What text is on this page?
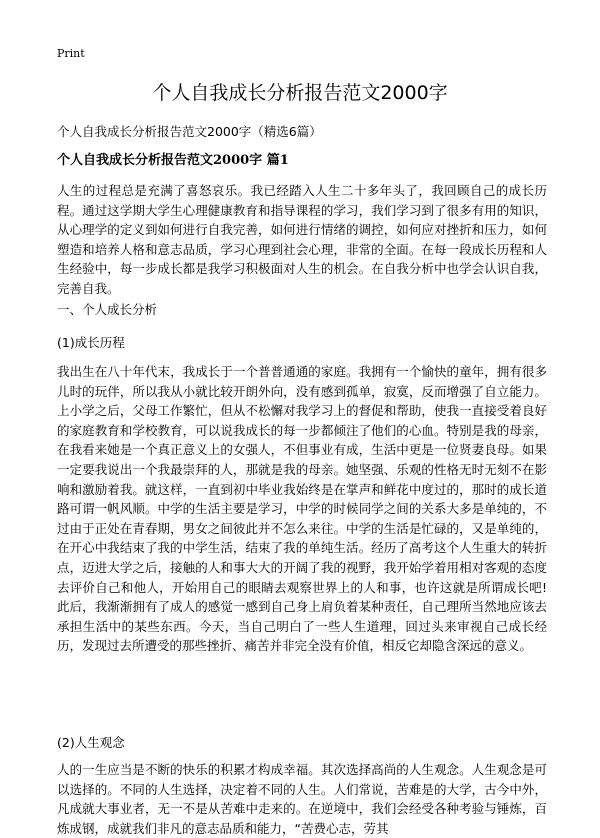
Print
个人自我成长分析报告范文2000字
个人自我成长分析报告范文2000字（精选6篇）
个人自我成长分析报告范文2000字 篇1

人生的过程总是充满了喜怒哀乐。我已经踏入人生二十多年头了，我回顾自己的成长历程。通过这学期大学生心理健康教育和指导课程的学习，我们学习到了很多有用的知识，从心理学的定义到如何进行自我完善，如何进行情绪的调控，如何应对挫折和压力，如何塑造和培养人格和意志品质，学习心理到社会心理，非常的全面。在每一段成长历程和人生经验中，每一步成长都是我学习积极面对人生的机会。在自我分析中也学会认识自我，完善自我。

一、个人成长分析

(1)成长历程

我出生在八十年代末，我成长于一个普普通通的家庭。我拥有一个愉快的童年，拥有很多儿时的玩伴，所以我从小就比较开朗外向，没有感到孤单，寂寞，反而增强了自立能力。上小学之后，父母工作繁忙，但从不松懈对我学习上的督促和帮助，使我一直接受着良好的家庭教育和学校教育，可以说我成长的每一步都倾注了他们的心血。特别是我的母亲，在我看来她是一个真正意义上的女强人，不但事业有成，生活中更是一位贤妻良母。如果一定要我说出一个我最崇拜的人，那就是我的母亲。她坚强、乐观的性格无时无刻不在影响和激励着我。就这样，一直到初中毕业我始终是在掌声和鲜花中度过的，那时的成长道路可谓一帆风顺。中学的生活主要是学习，中学的时候同学之间的关系大多是单纯的，不过由于正处在青春期，男女之间彼此并不怎么来往。中学的生活是忙碌的，又是单纯的，在开心中我结束了我的中学生活，结束了我的单纯生活。经历了高考这个人生重大的转折点，迈进大学之后，接触的人和事大大的开阔了我的视野，我开始学着用相对客观的态度去评价自己和他人，开始用自己的眼睛去观察世界上的人和事，也许这就是所谓成长吧!此后，我渐渐拥有了成人的感觉一感到自己身上肩负着某种责任，自己理所当然地应该去承担生活中的某些东西。今天，当自己明白了一些人生道理，回过头来审视自己成长经历，发现过去所遭受的那些挫折、痛苦并非完全没有价值，相反它却隐含深远的意义。

(2)人生观念

人的一生应当是不断的快乐的积累才构成幸福。其次选择高尚的人生观念。人生观念是可以选择的。不同的人生选择，决定着不同的人生。人们常说，苦难是的大学，古今中外，凡成就大事业者，无一不是从苦难中走来的。在逆境中，我们会经受各种考验与锤炼，百炼成钢，成就我们非凡的意志品质和能力，“苦费心志，劳其
